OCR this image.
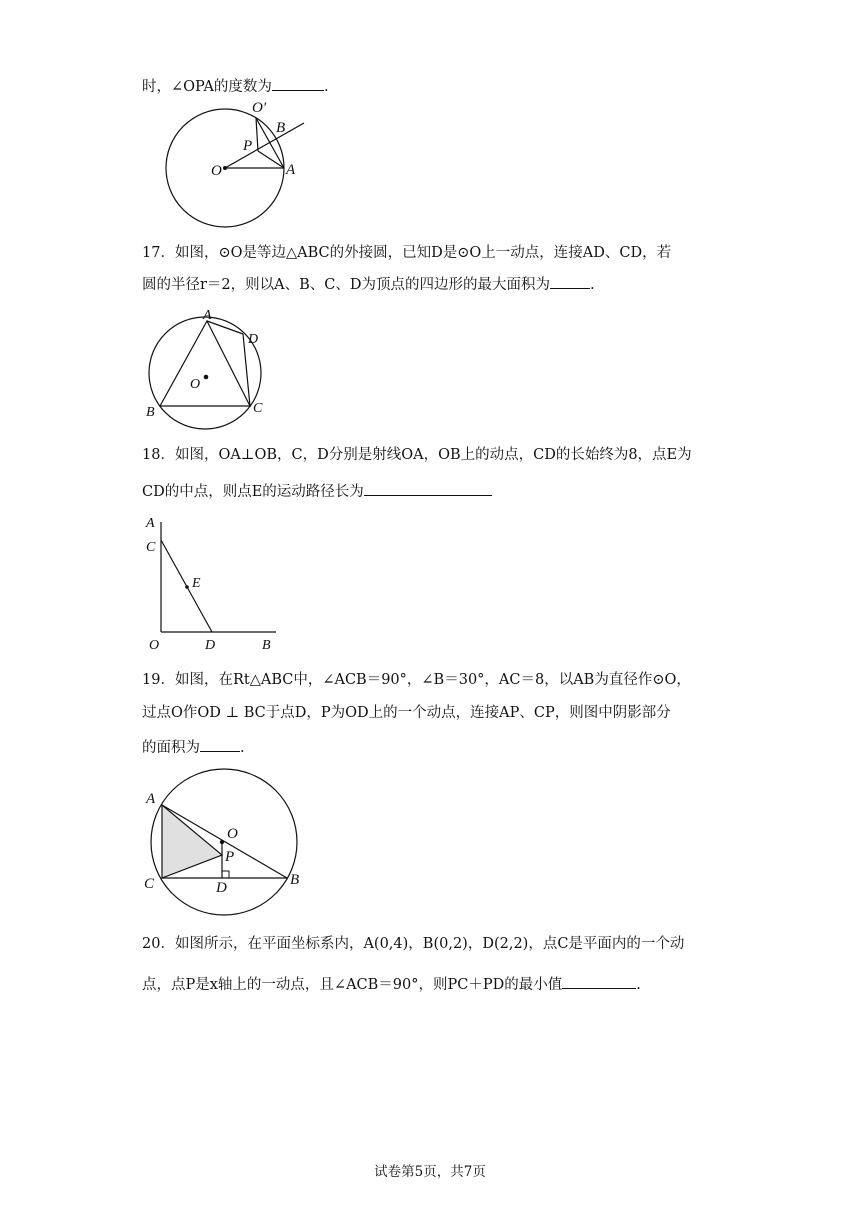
时，∠OPA的度数为	.
O′
B
P
O	A
17．如图，⊙O是等边△ABC的外接圆，已知D是⊙O上一动点，连接AD、CD，若
圆的半径r＝2，则以A、B、C、D为顶点的四边形的最大面积为	.
A
D
O
B	C
18．如图，OA⊥OB，C，D分别是射线OA，OB上的动点，CD的长始终为8，点E为
CD的中点，则点E的运动路径长为
A
C
E
O	D	B
19．如图，在Rt△ABC中，∠ACB＝90°，∠B＝30°，AC＝8，以AB为直径作⊙O，
过点O作OD ⊥ BC于点D，P为OD上的一个动点，连接AP、CP，则图中阴影部分
的面积为	.
A
O
P
C	D	B
20．如图所示，在平面坐标系内，A(0,4)，B(0,2)，D(2,2)，点C是平面内的一个动
点，点P是x轴上的一动点，且∠ACB＝90°，则PC＋PD的最小值	.
试卷第5页，共7页
